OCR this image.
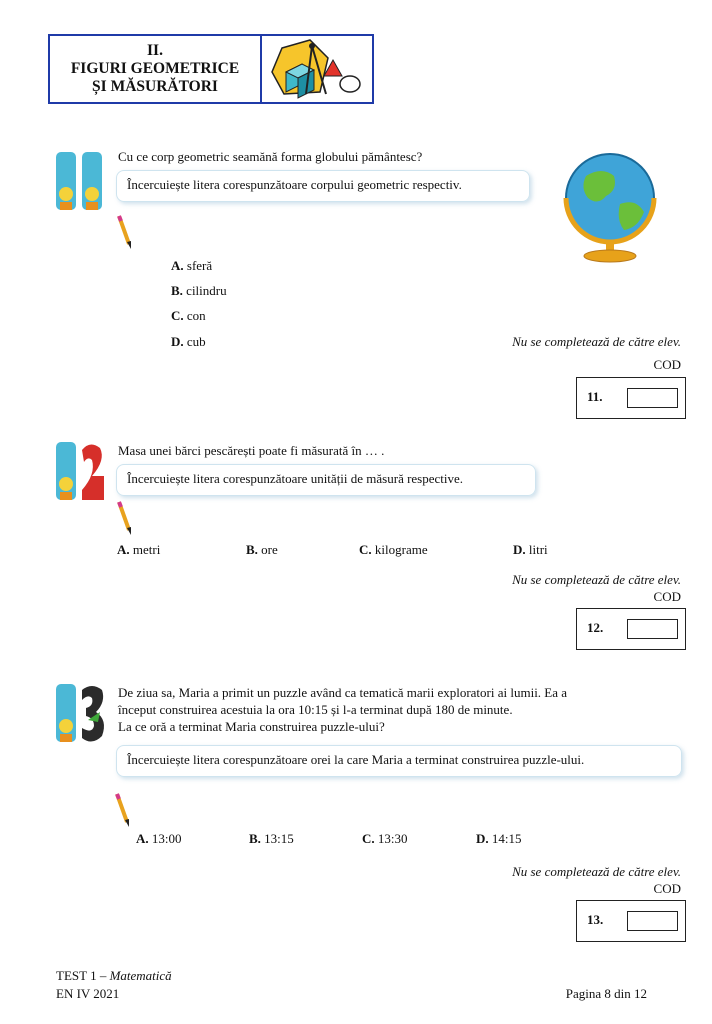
II.
FIGURI GEOMETRICE
ȘI MĂSURĂTORI
Cu ce corp geometric seamănă forma globului pământesc?
Încercuiește litera corespunzătoare corpului geometric respectiv.
A. sferă
B. cilindru
C. con
D. cub	Nu se completează de către elev.
COD
11.
Masa unei bărci pescărești poate fi măsurată în … .
Încercuiește litera corespunzătoare unității de măsură respective.
A. metri	B. ore	C. kilograme	D. litri
Nu se completează de către elev.
COD
12.
De ziua sa, Maria a primit un puzzle având ca tematică marii exploratori ai lumii. Ea a
început construirea acestuia la ora 10:15 și l-a terminat după 180 de minute.
La ce oră a terminat Maria construirea puzzle-ului?
Încercuiește litera corespunzătoare orei la care Maria a terminat construirea puzzle-ului.
A. 13:00	B. 13:15	C. 13:30	D. 14:15
Nu se completează de către elev.
COD
13.
TEST 1 – Matematică
EN IV 2021	Pagina 8 din 12
